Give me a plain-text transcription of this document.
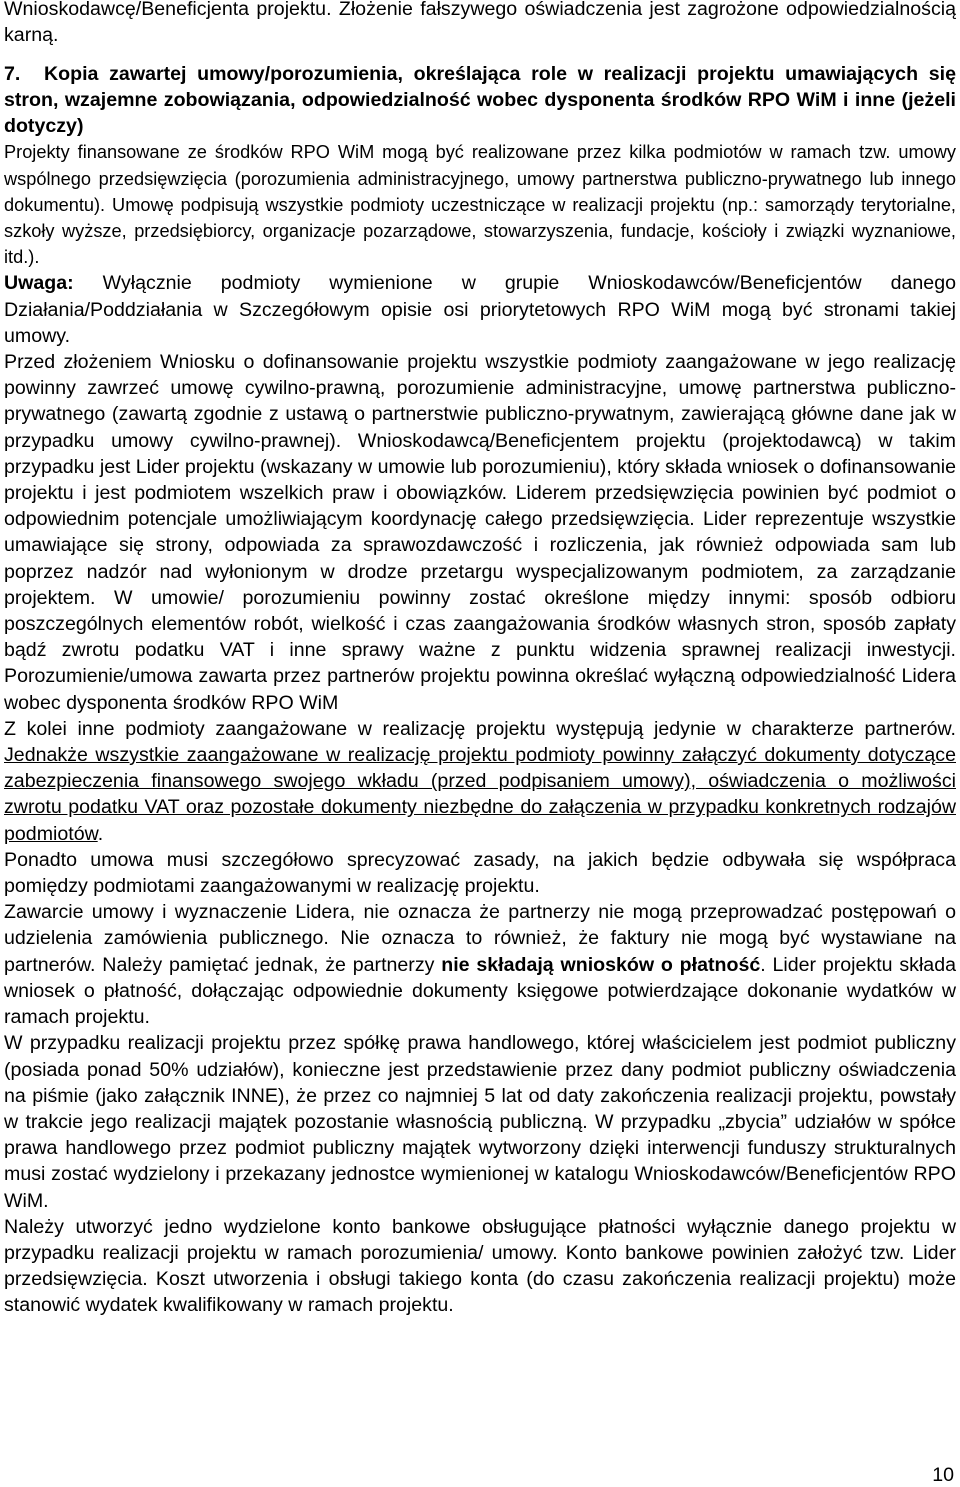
Wnioskodawcę/Beneficjenta projektu. Złożenie fałszywego oświadczenia jest zagrożone odpowiedzialnością karną.

7. Kopia zawartej umowy/porozumienia, określająca role w realizacji projektu umawiających się stron, wzajemne zobowiązania, odpowiedzialność wobec dysponenta środków RPO WiM i inne (jeżeli dotyczy)

Projekty finansowane ze środków RPO WiM mogą być realizowane przez kilka podmiotów w ramach tzw. umowy wspólnego przedsięwzięcia (porozumienia administracyjnego, umowy partnerstwa publiczno-prywatnego lub innego dokumentu). Umowę podpisują wszystkie podmioty uczestniczące w realizacji projektu (np.: samorządy terytorialne, szkoły wyższe, przedsiębiorcy, organizacje pozarządowe, stowarzyszenia, fundacje, kościoły i związki wyznaniowe, itd.).

Uwaga: Wyłącznie podmioty wymienione w grupie Wnioskodawców/Beneficjentów danego Działania/Poddziałania w Szczegółowym opisie osi priorytetowych RPO WiM mogą być stronami takiej umowy.

Przed złożeniem Wniosku o dofinansowanie projektu wszystkie podmioty zaangażowane w jego realizację powinny zawrzeć umowę cywilno-prawną, porozumienie administracyjne, umowę partnerstwa publiczno-prywatnego (zawartą zgodnie z ustawą o partnerstwie publiczno-prywatnym, zawierającą główne dane jak w przypadku umowy cywilno-prawnej). Wnioskodawcą/Beneficjentem projektu (projektodawcą) w takim przypadku jest Lider projektu (wskazany w umowie lub porozumieniu), który składa wniosek o dofinansowanie projektu i jest podmiotem wszelkich praw i obowiązków. Liderem przedsięwzięcia powinien być podmiot o odpowiednim potencjale umożliwiającym koordynację całego przedsięwzięcia. Lider reprezentuje wszystkie umawiające się strony, odpowiada za sprawozdawczość i rozliczenia, jak również odpowiada sam lub poprzez nadzór nad wyłonionym w drodze przetargu wyspecjalizowanym podmiotem, za zarządzanie projektem. W umowie/ porozumieniu powinny zostać określone między innymi: sposób odbioru poszczególnych elementów robót, wielkość i czas zaangażowania środków własnych stron, sposób zapłaty bądź zwrotu podatku VAT i inne sprawy ważne z punktu widzenia sprawnej realizacji inwestycji. Porozumienie/umowa zawarta przez partnerów projektu powinna określać wyłączną odpowiedzialność Lidera wobec dysponenta środków RPO WiM

Z kolei inne podmioty zaangażowane w realizację projektu występują jedynie w charakterze partnerów. Jednakże wszystkie zaangażowane w realizację projektu podmioty powinny załączyć dokumenty dotyczące zabezpieczenia finansowego swojego wkładu (przed podpisaniem umowy), oświadczenia o możliwości zwrotu podatku VAT oraz pozostałe dokumenty niezbędne do załączenia w przypadku konkretnych rodzajów podmiotów.

Ponadto umowa musi szczegółowo sprecyzować zasady, na jakich będzie odbywała się współpraca pomiędzy podmiotami zaangażowanymi w realizację projektu.

Zawarcie umowy i wyznaczenie Lidera, nie oznacza że partnerzy nie mogą przeprowadzać postępowań o udzielenia zamówienia publicznego. Nie oznacza to również, że faktury nie mogą być wystawiane na partnerów. Należy pamiętać jednak, że partnerzy nie składają wniosków o płatność. Lider projektu składa wniosek o płatność, dołączając odpowiednie dokumenty księgowe potwierdzające dokonanie wydatków w ramach projektu.

W przypadku realizacji projektu przez spółkę prawa handlowego, której właścicielem jest podmiot publiczny (posiada ponad 50% udziałów), konieczne jest przedstawienie przez dany podmiot publiczny oświadczenia na piśmie (jako załącznik INNE), że przez co najmniej 5 lat od daty zakończenia realizacji projektu, powstały w trakcie jego realizacji majątek pozostanie własnością publiczną. W przypadku „zbycia” udziałów w spółce prawa handlowego przez podmiot publiczny majątek wytworzony dzięki interwencji funduszy strukturalnych musi zostać wydzielony i przekazany jednostce wymienionej w katalogu Wnioskodawców/Beneficjentów RPO WiM.

Należy utworzyć jedno wydzielone konto bankowe obsługujące płatności wyłącznie danego projektu w przypadku realizacji projektu w ramach porozumienia/ umowy. Konto bankowe powinien założyć tzw. Lider przedsięwzięcia. Koszt utworzenia i obsługi takiego konta (do czasu zakończenia realizacji projektu) może stanowić wydatek kwalifikowany w ramach projektu.

10
